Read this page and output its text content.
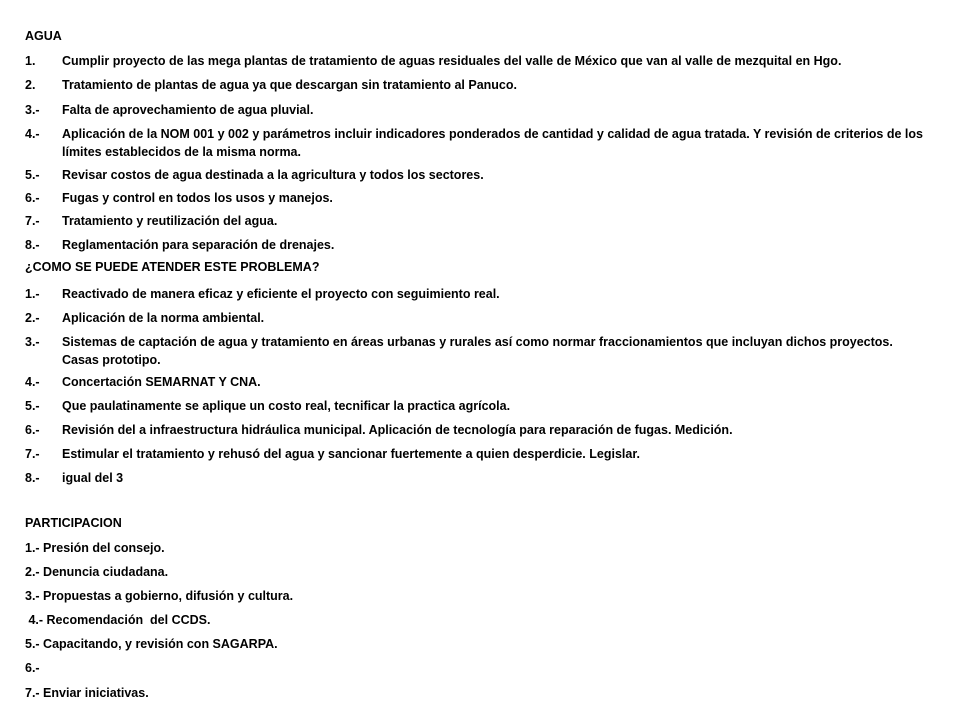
AGUA
1. Cumplir proyecto de las mega plantas de tratamiento de aguas residuales del valle de México que van al valle de mezquital en Hgo.
2. Tratamiento de plantas de agua ya que descargan sin tratamiento al Panuco.
3.- Falta de aprovechamiento de agua pluvial.
4.- Aplicación de la NOM 001 y 002 y parámetros incluir indicadores ponderados de cantidad y calidad de agua tratada. Y revisión de criterios de los límites establecidos de la misma norma.
5.- Revisar costos de agua destinada a la agricultura y todos los sectores.
6.- Fugas y control en todos los usos y manejos.
7.- Tratamiento y reutilización del agua.
8.- Reglamentación para separación de drenajes.
¿COMO SE PUEDE ATENDER ESTE PROBLEMA?
1.- Reactivado de manera eficaz y eficiente el proyecto con seguimiento real.
2.- Aplicación de la norma ambiental.
3.- Sistemas de captación de agua y tratamiento en áreas urbanas y rurales así como normar fraccionamientos que incluyan dichos proyectos. Casas prototipo.
4.- Concertación SEMARNAT Y CNA.
5.- Que paulatinamente se aplique un costo real, tecnificar la practica agrícola.
6.- Revisión del a infraestructura hidráulica municipal. Aplicación de tecnología para reparación de fugas. Medición.
7.- Estimular el tratamiento y rehusó del agua y sancionar fuertemente a quien desperdicie. Legislar.
8.- igual del 3
PARTICIPACION
1.- Presión del consejo.
2.- Denuncia ciudadana.
3.- Propuestas a gobierno, difusión y cultura.
4.- Recomendación  del CCDS.
5.- Capacitando, y revisión con SAGARPA.
6.-
7.- Enviar iniciativas.
